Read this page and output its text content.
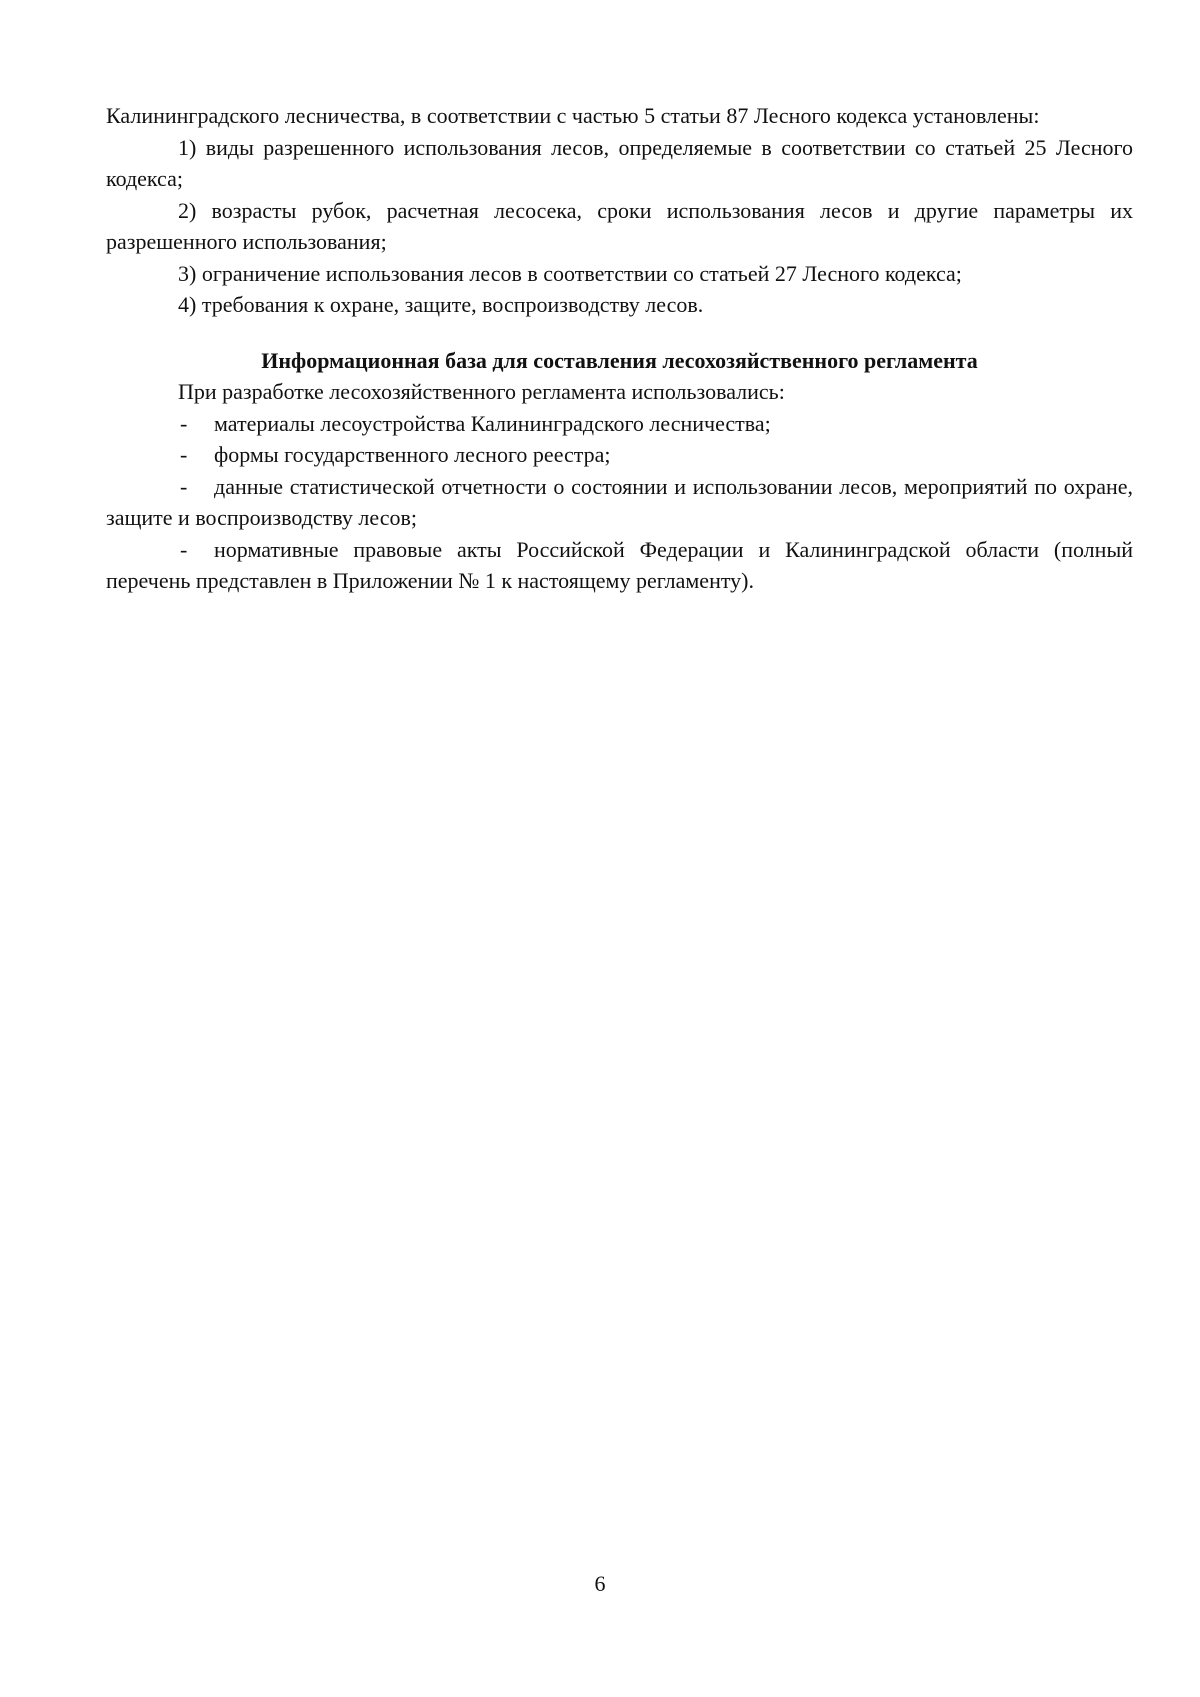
Калининградского лесничества, в соответствии с частью 5 статьи 87 Лесного кодекса установлены:

1) виды разрешенного использования лесов, определяемые в соответствии со статьей 25 Лесного кодекса;

2) возрасты рубок, расчетная лесосека, сроки использования лесов и другие параметры их разрешенного использования;

3) ограничение использования лесов в соответствии со статьей 27 Лесного кодекса;

4) требования к охране, защите, воспроизводству лесов.

Информационная база для составления лесохозяйственного регламента

При разработке лесохозяйственного регламента использовались:

- материалы лесоустройства Калининградского лесничества;

- формы государственного лесного реестра;

- данные статистической отчетности о состоянии и использовании лесов, мероприятий по охране, защите и воспроизводству лесов;

- нормативные правовые акты Российской Федерации и Калининградской области (полный перечень представлен в Приложении № 1 к настоящему регламенту).

6
